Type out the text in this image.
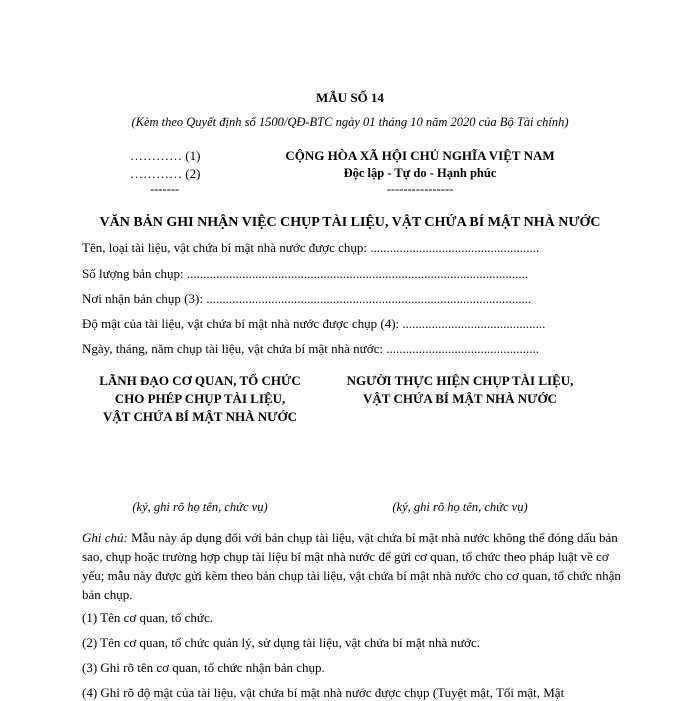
MẪU SỐ 14
(Kèm theo Quyết định số 1500/QĐ-BTC ngày 01 tháng 10 năm 2020 của Bộ Tài chính)
………… (1)
………… (2)
-------
CỘNG HÒA XÃ HỘI CHỦ NGHĨA VIỆT NAM
Độc lập - Tự do - Hạnh phúc
----------------
VĂN BẢN GHI NHẬN VIỆC CHỤP TÀI LIỆU, VẬT CHỨA BÍ MẬT NHÀ NƯỚC
Tên, loại tài liệu, vật chứa bí mật nhà nước được chụp: ....................................................
Số lượng bản chụp: .........................................................................................................
Nơi nhận bản chụp (3): ....................................................................................................
Độ mật của tài liệu, vật chứa bí mật nhà nước được chụp (4): ............................................
Ngày, tháng, năm chụp tài liệu, vật chứa bí mật nhà nước: ...............................................
LÃNH ĐẠO CƠ QUAN, TỔ CHỨC
CHO PHÉP CHỤP TÀI LIỆU,
VẬT CHỨA BÍ MẬT NHÀ NƯỚC
NGƯỜI THỰC HIỆN CHỤP TÀI LIỆU,
VẬT CHỨA BÍ MẬT NHÀ NƯỚC
(ký, ghi rõ họ tên, chức vụ)	(ký, ghi rõ họ tên, chức vụ)
Ghi chú: Mẫu này áp dụng đối với bản chụp tài liệu, vật chứa bí mật nhà nước không thể đóng dấu bản sao, chụp hoặc trường hợp chụp tài liệu bí mật nhà nước để gửi cơ quan, tổ chức theo pháp luật về cơ yếu; mẫu này được gửi kèm theo bản chụp tài liệu, vật chứa bí mật nhà nước cho cơ quan, tổ chức nhận bản chụp.
(1) Tên cơ quan, tổ chức.
(2) Tên cơ quan, tổ chức quản lý, sử dụng tài liệu, vật chứa bí mật nhà nước.
(3) Ghi rõ tên cơ quan, tổ chức nhận bản chụp.
(4) Ghi rõ độ mật của tài liệu, vật chứa bí mật nhà nước được chụp (Tuyệt mật, Tối mật, Mật
